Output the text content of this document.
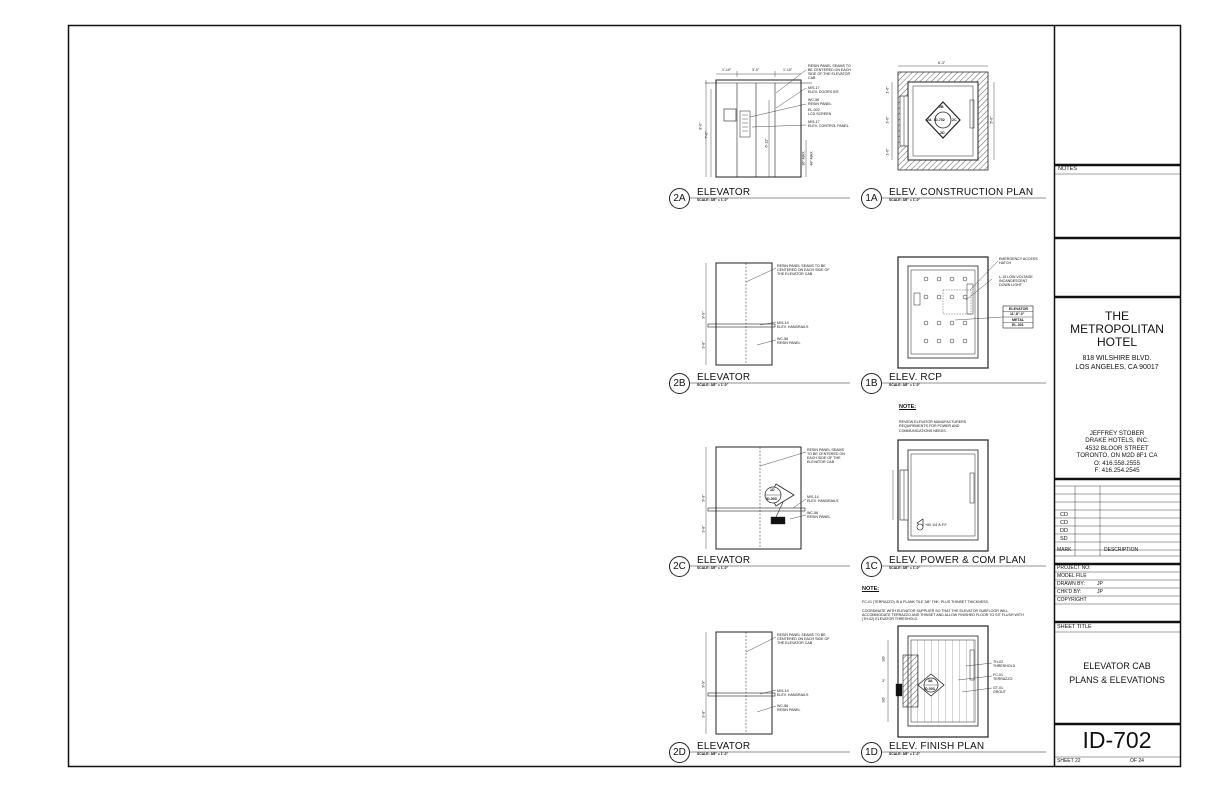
2A
ELEVATOR
SCALE: 3/8" = 1'-0"	1A
ELEV. CONSTRUCTION PLAN
SCALE: 3/8" = 1'-0"
2B
ELEVATOR
SCALE: 3/8" = 1'-0"	1B
ELEV. RCP
SCALE: 3/8" = 1'-0"
2C
ELEVATOR
SCALE: 3/8" = 1'-0"	1C
ELEV. POWER & COM PLAN
SCALE: 3/8" = 1'-0"
2D
ELEVATOR
SCALE: 3/8" = 1'-0"	1D
ELEV. FINISH PLAN
SCALE: 3/8" = 1'-0"
RESIN PANEL SEAMS TO
BE CENTERED ON EACH
SIDE OF THE ELEVATOR
CAB
M/S-17
ELEV. DOORS INT.
WC-56
RESIN PANEL
EL-002
LCD SCREEN
M/S-17
ELEV. CONTROL PANEL
1'-10"	3'-0"	1'-10"
8'-6"
7'-0"
6'-11"
36" MAX. 48" MAX.
6'-3"
1'-6"
3'-6"
1'-6"
5'-6"
2B
2A ID-702 2C
2D
RESIN PANEL SEAMS TO BE
CENTERED ON EACH SIDE OF
THE ELEVATOR CAB
M/S-14
ELEV. HANDRAILS
WC-56
RESIN PANEL
9'-9"
3'-8"
EMERGENCY ACCESS
HATCH
L-15 LOW VOLTAGE
INCANDESCENT
DOWN LIGHT
ELEVATOR
11'-8"-0"
METAL
EL-001
RESIN PANEL SEAMS
TO BE CENTERED ON
EACH SIDE OF THE
ELEVATOR CAB
M/S-14
ELEV. HANDRAILS
WC-56
RESIN PANEL
1D
ID-003
9'-9"
3'-8"
NOTE:
REVIEW ELEVATOR MANUFACTURERS
REQUIREMENTS FOR POWER AND
COMMUNICATIONS NEEDS.
+60 1/4"A.F.F.
RESIN PANEL SEAMS TO BE
CENTERED ON EACH SIDE OF
THE ELEVATOR CAB
M/S-14
ELEV. HANDRAILS
WC-56
RESIN PANEL
9'-9"
3'-8"
NOTE:
FC-01 (TERRAZZO) IS A PLANK TILE 3/8" THK. PLUS THINSET THICKNESS.

COORDINATE WITH ELEVATOR SUPPLIER SO THAT THE ELEVATOR SUBFLOOR WILL
ACCOMMODATE TERRAZZO AND THINSET AND ALLOW FINISHED FLOOR TO SIT FLUSH WITH
(TH-02) ELEVATOR THRESHOLD.
TH-02
THRESHOLD
FC-01
TERRAZZO
GT-01
GROUT
3A
ID-003
SO
SO
3"
NOTES
THE
METROPOLITAN
HOTEL
818 WILSHIRE BLVD.
LOS ANGELES, CA 90017
JEFFREY STOBER
DRAKE HOTELS, INC.
4532 BLOOR STREET
TORONTO, ON M2D 8F1 CA
O: 416.558.2555
F: 416.254.2545
CD
CD
DD
SD
MARK	DESCRIPTION
PROJECT NO:
MODEL FILE
DRAWN BY: JP
CHK'D BY:	JP
COPYRIGHT
SHEET TITLE
ELEVATOR CAB
PLANS & ELEVATIONS
ID-702
SHEET 22	OF 24
